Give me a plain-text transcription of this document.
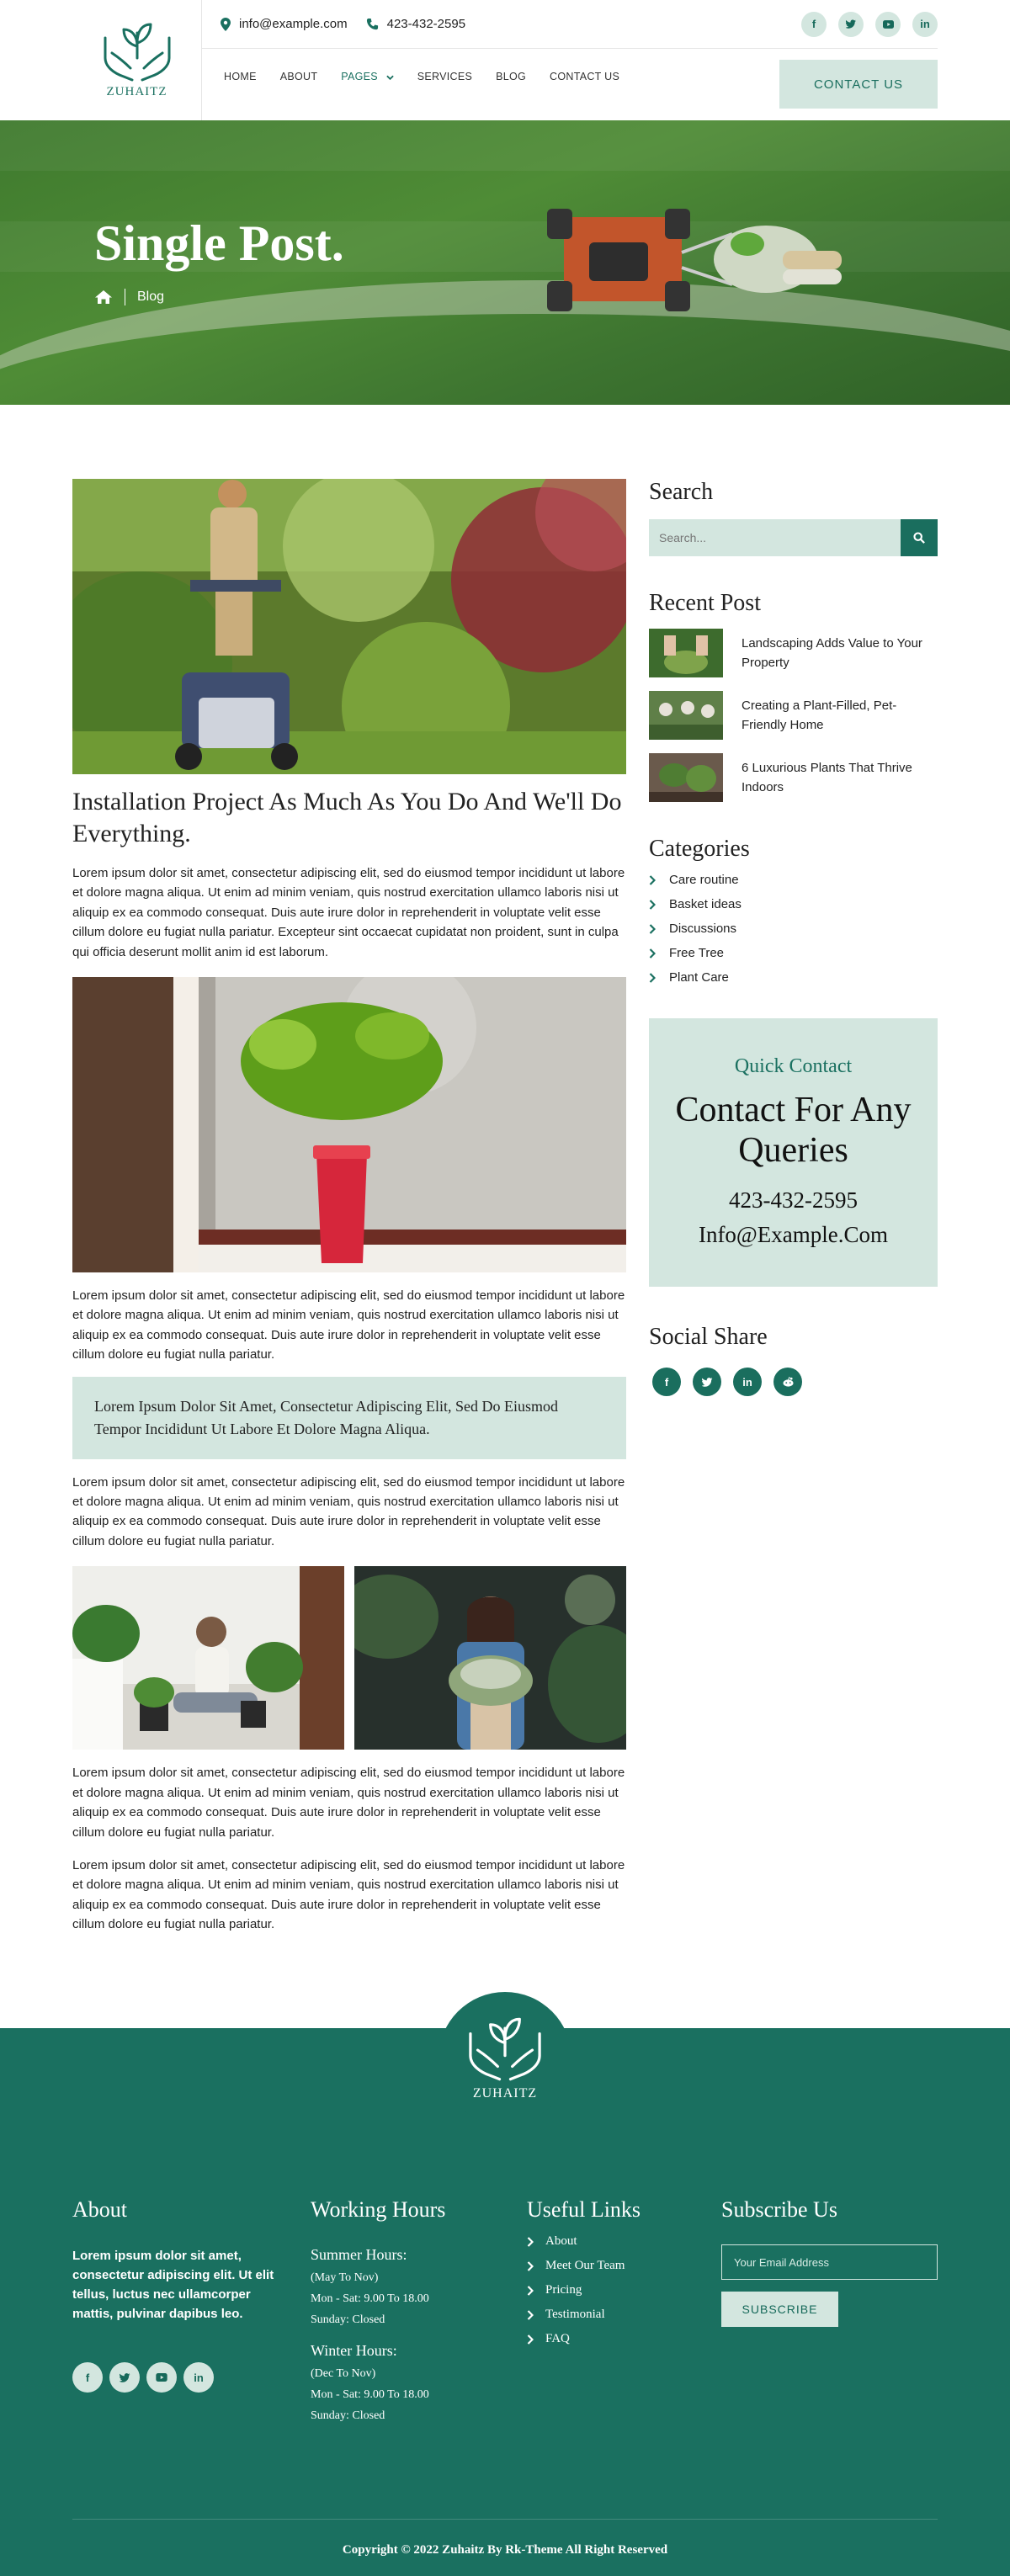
ZUHAITZ
info@example.com	423-432-2595	f	in
HOME ABOUT PAGES	SERVICES BLOG CONTACT US
CONTACT US
Single Post.
Blog
Installation Project As Much As You Do And We'll Do Everything.

Lorem ipsum dolor sit amet, consectetur adipiscing elit, sed do eiusmod tempor incididunt ut labore et dolore magna aliqua. Ut enim ad minim veniam, quis nostrud exercitation ullamco laboris nisi ut aliquip ex ea commodo consequat. Duis aute irure dolor in reprehenderit in voluptate velit esse cillum dolore eu fugiat nulla pariatur. Excepteur sint occaecat cupidatat non proident, sunt in culpa qui officia deserunt mollit anim id est laborum.

Lorem ipsum dolor sit amet, consectetur adipiscing elit, sed do eiusmod tempor incididunt ut labore et dolore magna aliqua. Ut enim ad minim veniam, quis nostrud exercitation ullamco laboris nisi ut aliquip ex ea commodo consequat. Duis aute irure dolor in reprehenderit in voluptate velit esse cillum dolore eu fugiat nulla pariatur.

Lorem Ipsum Dolor Sit Amet, Consectetur Adipiscing Elit, Sed Do Eiusmod Tempor Incididunt Ut Labore Et Dolore Magna Aliqua.

Lorem ipsum dolor sit amet, consectetur adipiscing elit, sed do eiusmod tempor incididunt ut labore et dolore magna aliqua. Ut enim ad minim veniam, quis nostrud exercitation ullamco laboris nisi ut aliquip ex ea commodo consequat. Duis aute irure dolor in reprehenderit in voluptate velit esse cillum dolore eu fugiat nulla pariatur.

Lorem ipsum dolor sit amet, consectetur adipiscing elit, sed do eiusmod tempor incididunt ut labore et dolore magna aliqua. Ut enim ad minim veniam, quis nostrud exercitation ullamco laboris nisi ut aliquip ex ea commodo consequat. Duis aute irure dolor in reprehenderit in voluptate velit esse cillum dolore eu fugiat nulla pariatur.

Lorem ipsum dolor sit amet, consectetur adipiscing elit, sed do eiusmod tempor incididunt ut labore et dolore magna aliqua. Ut enim ad minim veniam, quis nostrud exercitation ullamco laboris nisi ut aliquip ex ea commodo consequat. Duis aute irure dolor in reprehenderit in voluptate velit esse cillum dolore eu fugiat nulla pariatur.

Search
Search...
Recent Post
Landscaping Adds Value to Your Property
Creating a Plant-Filled, Pet-Friendly Home
6 Luxurious Plants That Thrive Indoors
Categories
Care routine
Basket ideas
Discussions
Free Tree
Plant Care
Quick Contact
Contact For Any Queries
423-432-2595
Info@Example.Com
Social Share
f	in
ZUHAITZ
About

Lorem ipsum dolor sit amet, consectetur adipiscing elit. Ut elit tellus, luctus nec ullamcorper mattis, pulvinar dapibus leo.

f	in
Working Hours
Summer Hours:
(May To Nov)
Mon - Sat: 9.00 To 18.00
Sunday: Closed
Winter Hours:
(Dec To Nov)
Mon - Sat: 9.00 To 18.00
Sunday: Closed
Useful Links
About
Meet Our Team
Pricing
Testimonial
FAQ
Subscribe Us
Your Email Address
SUBSCRIBE
Copyright © 2022 Zuhaitz By Rk-Theme All Right Reserved
